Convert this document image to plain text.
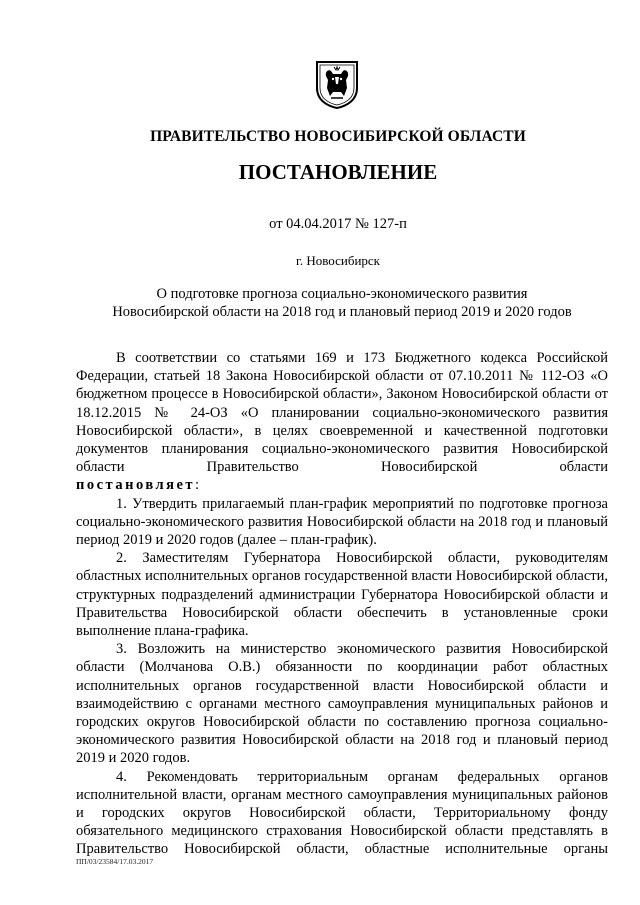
ПРАВИТЕЛЬСТВО НОВОСИБИРСКОЙ ОБЛАСТИ
ПОСТАНОВЛЕНИЕ
от 04.04.2017 № 127-п
г. Новосибирск
О подготовке прогноза социально-экономического развития
Новосибирской области на 2018 год и плановый период 2019 и 2020 годов

В соответствии со статьями 169 и 173 Бюджетного кодекса Российской Федерации, статьей 18 Закона Новосибирской области от 07.10.2011 № 112-ОЗ «О бюджетном процессе в Новосибирской области», Законом Новосибирской области от 18.12.2015 № 24-ОЗ «О планировании социально-экономического развития Новосибирской области», в целях своевременной и качественной подготовки документов планирования социально-экономического развития Новосибирской области Правительство Новосибирской области

постановляет:

1. Утвердить прилагаемый план-график мероприятий по подготовке прогноза социально-экономического развития Новосибирской области на 2018 год и плановый период 2019 и 2020 годов (далее – план-график).

2. Заместителям Губернатора Новосибирской области, руководителям областных исполнительных органов государственной власти Новосибирской области, структурных подразделений администрации Губернатора Новосибирской области и Правительства Новосибирской области обеспечить в установленные сроки выполнение плана-графика.

3. Возложить на министерство экономического развития Новосибирской области (Молчанова О.В.) обязанности по координации работ областных исполнительных органов государственной власти Новосибирской области и взаимодействию с органами местного самоуправления муниципальных районов и городских округов Новосибирской области по составлению прогноза социально-экономического развития Новосибирской области на 2018 год и плановый период 2019 и 2020 годов.

4. Рекомендовать территориальным органам федеральных органов исполнительной власти, органам местного самоуправления муниципальных районов и городских округов Новосибирской области, Территориальному фонду обязательного медицинского страхования Новосибирской области представлять в Правительство Новосибирской области, областные исполнительные органы

ПП/03/23584/17.03.2017
